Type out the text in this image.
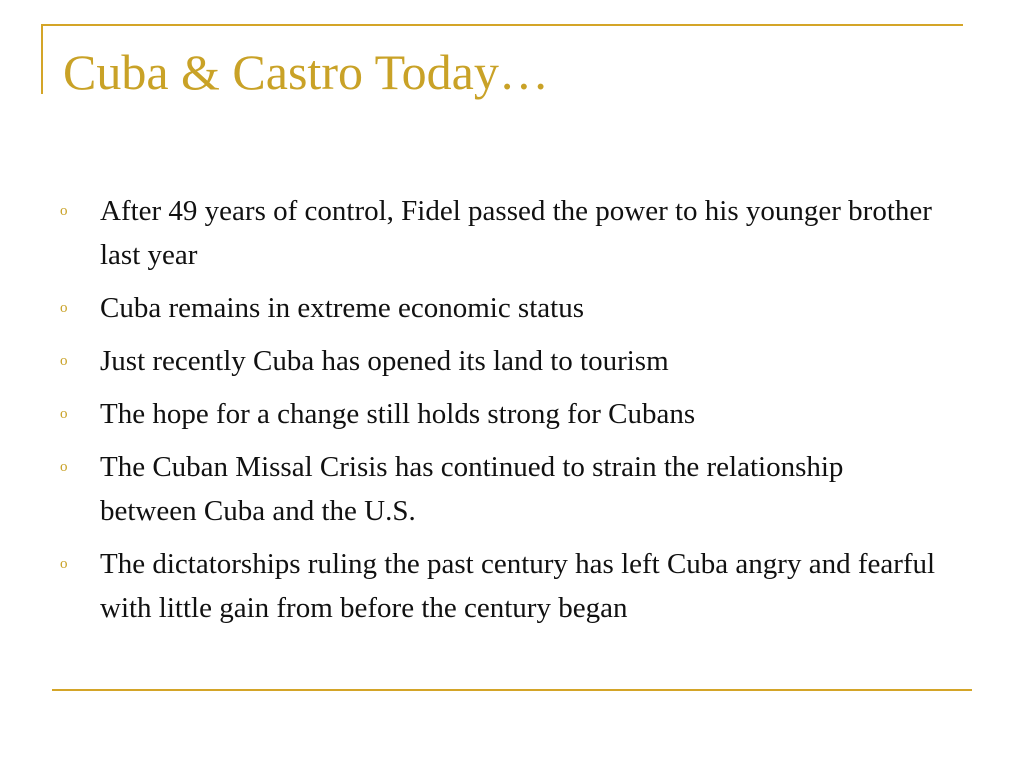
Cuba & Castro Today…
o	After 49 years of control, Fidel passed the power to his younger brother last year
o	Cuba remains in extreme economic status
o	Just recently Cuba has opened its land to tourism
o	The hope for a change still holds strong for Cubans
o	The Cuban Missal Crisis has continued to strain the relationship between Cuba and the U.S.
o	The dictatorships ruling the past century has left Cuba angry and fearful with little gain from before the century began
